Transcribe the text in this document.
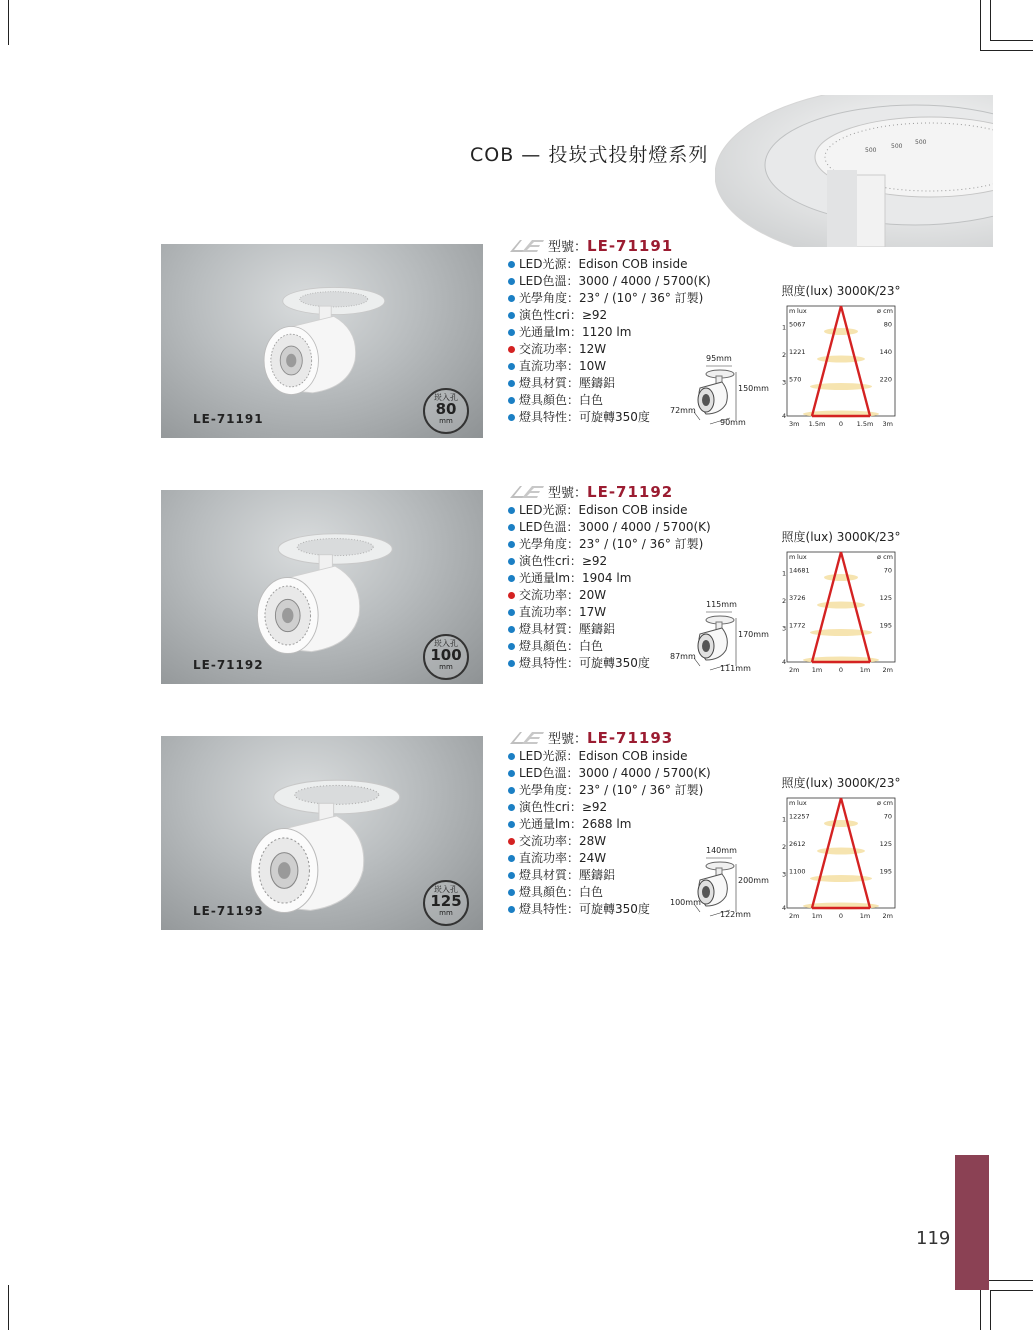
COB — 投崁式投射燈系列	500
500
500
LE-71191
崁入孔
80
mm
型號：LE-71191
LED光源：Edison COB inside
LED色溫：3000 / 4000 / 5700(K)
光學角度：23° / (10° / 36° 訂製)
演色性cri：≥92
光通量lm：1120 lm
交流功率：12W
直流功率：10W
燈具材質：壓鑄鋁
燈具顏色：白色
燈具特性：可旋轉350度
95mm
150mm
72mm
90mm
照度(lux) 3000K/23°
m lux	ø cm
1
2
3
4
5067
1221
570
80
140
220
3m 1.5m 0 1.5m 3m
LE-71192
崁入孔
100
mm
型號：LE-71192
LED光源：Edison COB inside
LED色溫：3000 / 4000 / 5700(K)
光學角度：23° / (10° / 36° 訂製)
演色性cri：≥92
光通量lm：1904 lm
交流功率：20W
直流功率：17W
燈具材質：壓鑄鋁
燈具顏色：白色
燈具特性：可旋轉350度
115mm
170mm
87mm
111mm
照度(lux) 3000K/23°
m lux	ø cm
1
2
3
4
14681
3726
1772
70
125
195
2m 1m	0	1m 2m
LE-71193
崁入孔
125
mm
型號：LE-71193
LED光源：Edison COB inside
LED色溫：3000 / 4000 / 5700(K)
光學角度：23° / (10° / 36° 訂製)
演色性cri：≥92
光通量lm：2688 lm
交流功率：28W
直流功率：24W
燈具材質：壓鑄鋁
燈具顏色：白色
燈具特性：可旋轉350度
140mm
200mm
100mm
122mm
照度(lux) 3000K/23°
m lux	ø cm
1
2
3
4
12257
2612
1100
70
125
195
2m 1m	0	1m 2m
119
